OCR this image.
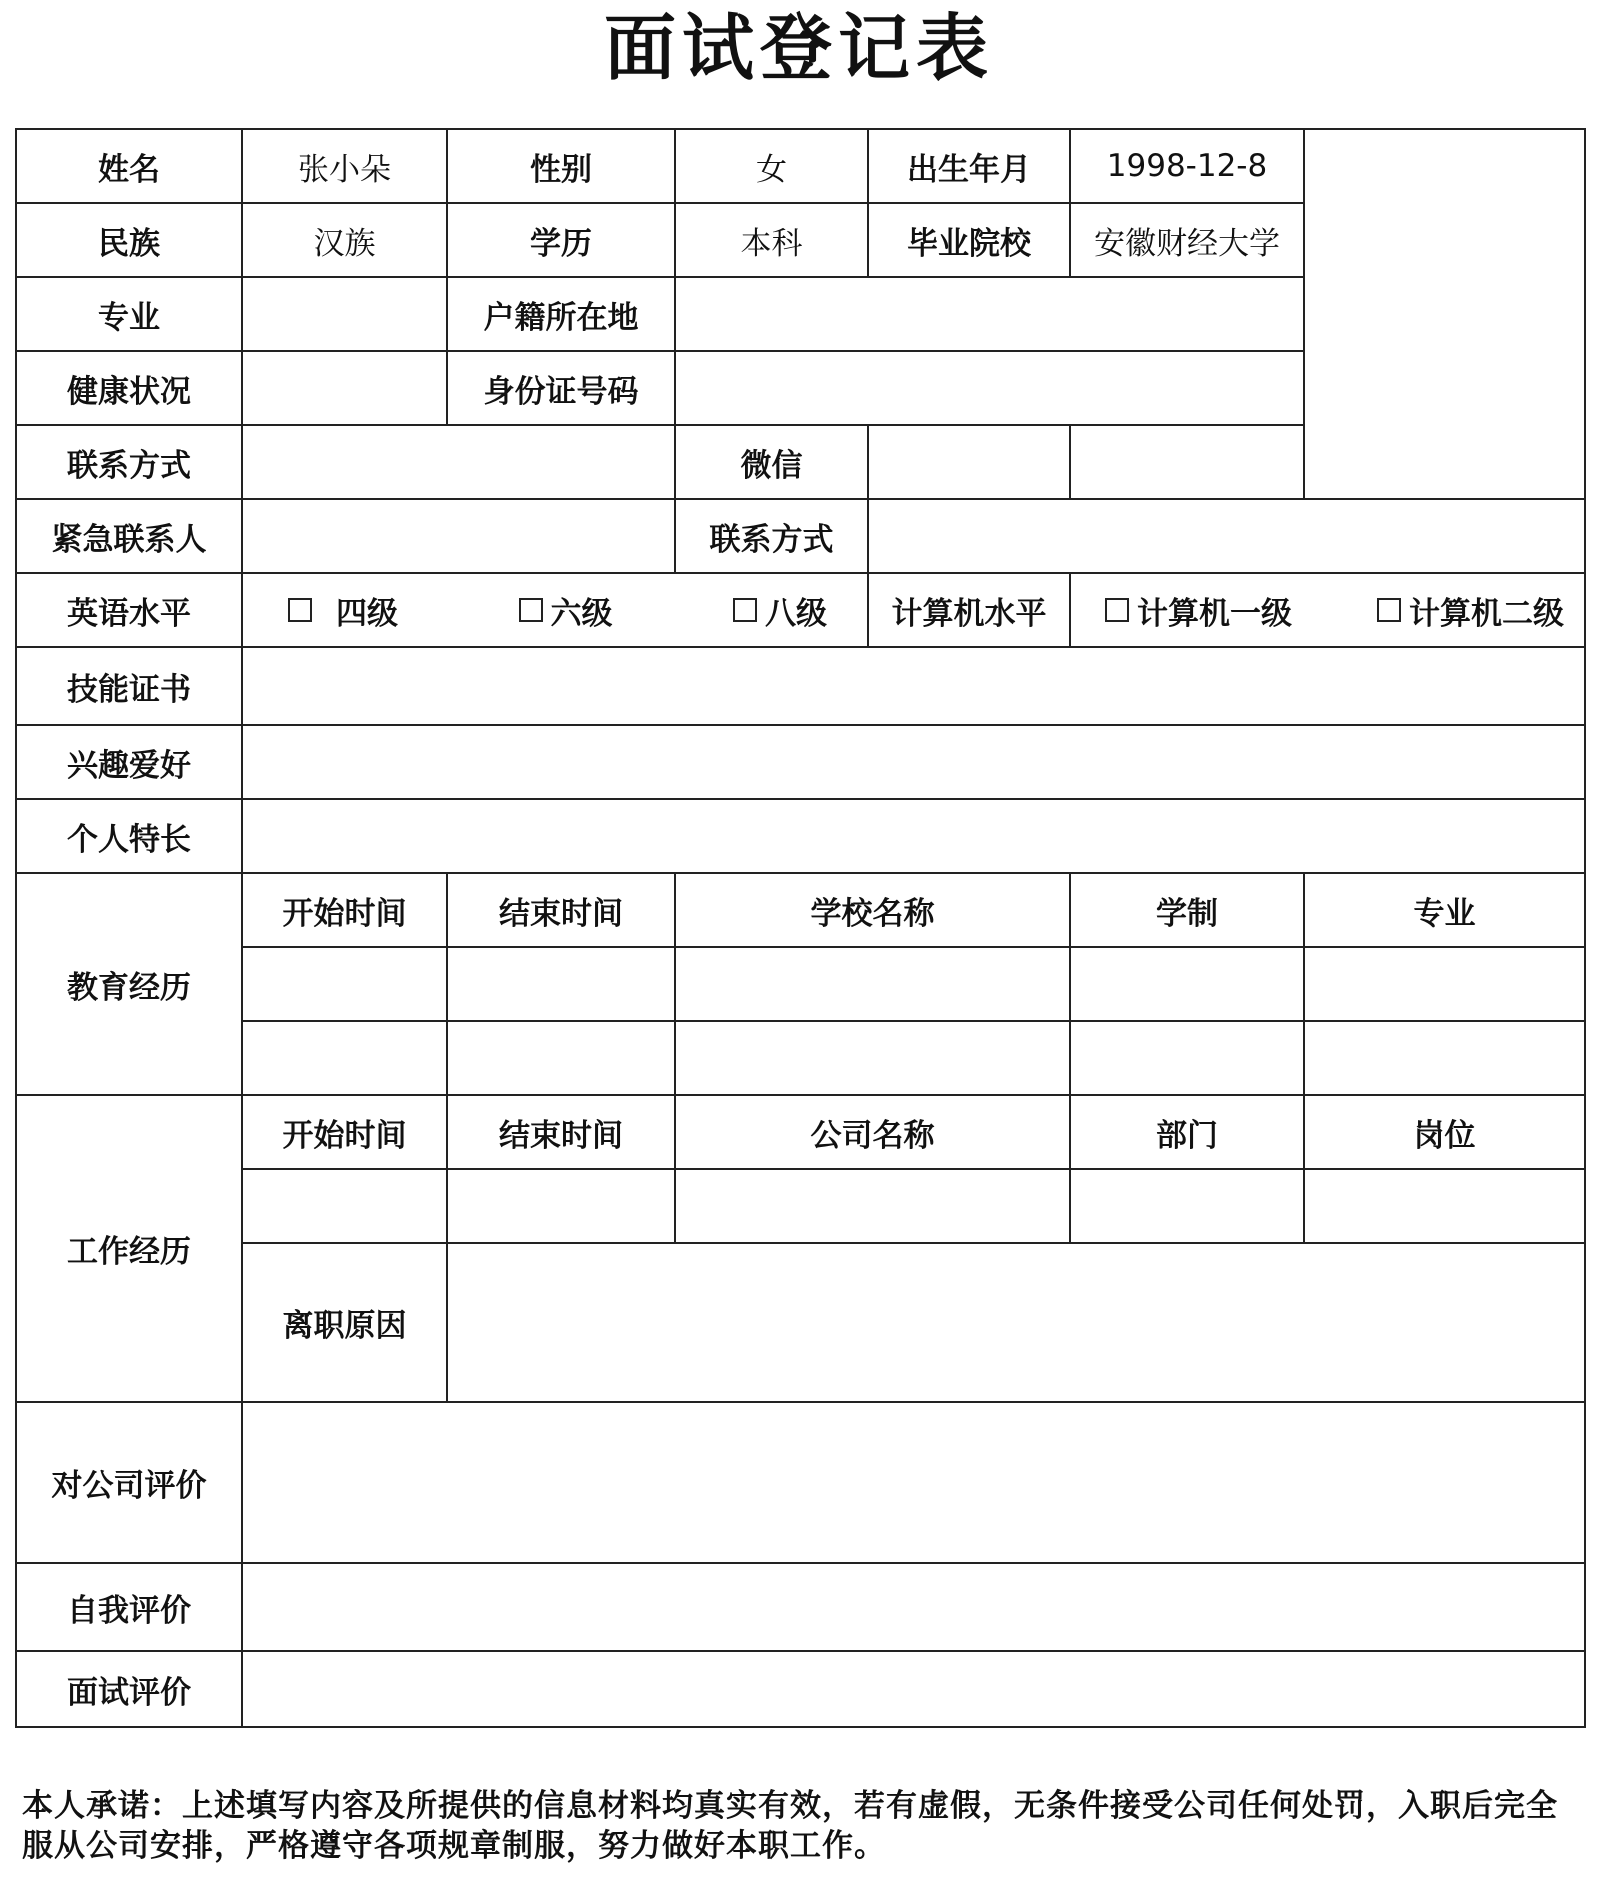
面试登记表
姓名	张小朵	性别	女	出生年月	1998-12-8	
民族	汉族	学历	本科	毕业院校	安徽财经大学	
专业		户籍所在地				
健康状况		身份证号码				
联系方式			微信			
紧急联系人			联系方式			
英语水平	四级 六级 八级			计算机水平	计算机一级 计算机二级	

技能证书						
兴趣爱好						
个人特长						
教育经历	开始时间	结束时间	学校名称		学制	专业

工作经历	开始时间	结束时间	公司名称		部门	岗位

	离职原因					
对公司评价						
自我评价						
面试评价						
本人承诺：上述填写内容及所提供的信息材料均真实有效，若有虚假，无条件接受公司任何处罚，入职后完全服从公司安排，严格遵守各项规章制服，努力做好本职工作。
